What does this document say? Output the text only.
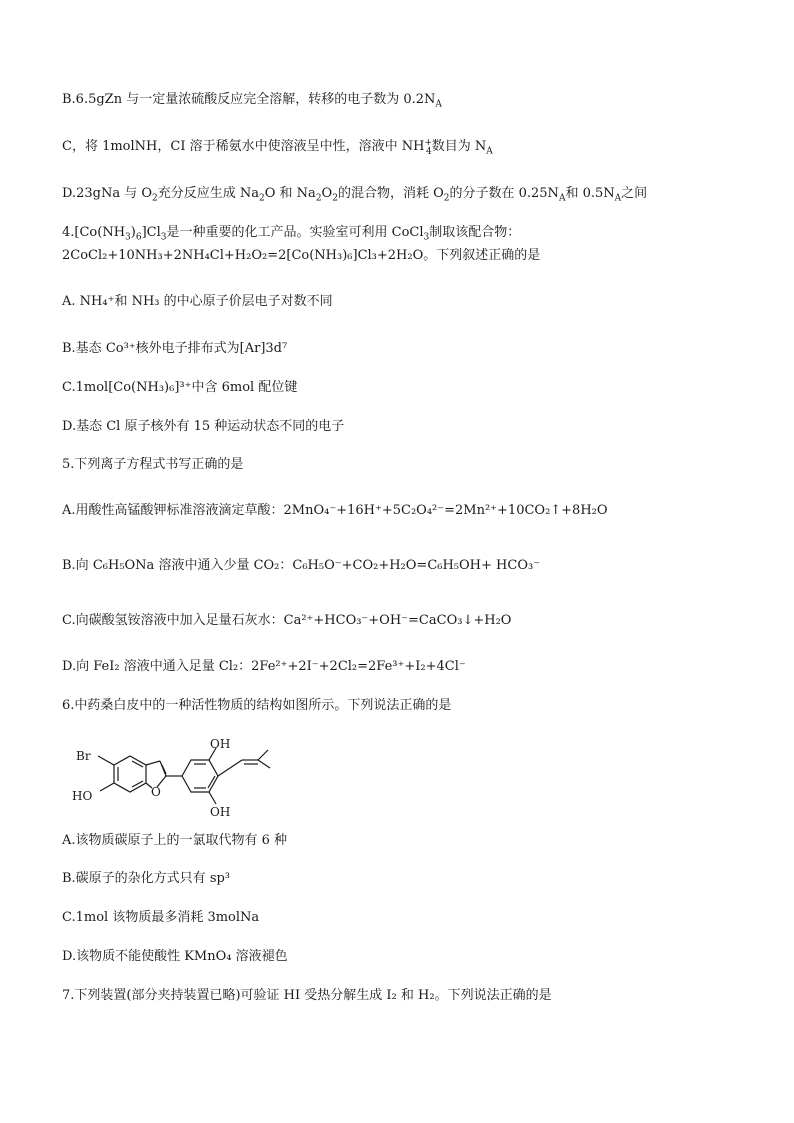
B.6.5gZn 与一定量浓硫酸反应完全溶解，转移的电子数为 $0.2N_A$
C，将 1molNH，CI 溶于稀氨水中使溶液呈中性，溶液中 $NH^+_4$数目为 $N_A$
D.23gNa 与 $O_2$充分反应生成 $Na_2O$ 和 $Na_2O_2$的混合物，消耗 $O_2$的分子数在 $0.25N_A$和 $0.5N_A$之间
$4.[Co(NH_3)_6]Cl_3$是一种重要的化工产品。实验室可利用 CoCl$_3$制取该配合物：
2CoCl₂+10NH₃+2NH₄Cl+H₂O₂=2[Co(NH₃)₆]Cl₃+2H₂O。下列叙述正确的是
A. NH₄⁺和 NH₃ 的中心原子价层电子对数不同
B.基态 Co³⁺核外电子排布式为[Ar]3d⁷
C.1mol[Co(NH₃)₆]³⁺中含 6mol 配位键
D.基态 Cl 原子核外有 15 种运动状态不同的电子
5.下列离子方程式书写正确的是
A.用酸性高锰酸钾标准溶液滴定草酸：2MnO₄⁻+16H⁺+5C₂O₄²⁻=2Mn²⁺+10CO₂↑+8H₂O
B.向 C₆H₅ONa 溶液中通入少量 CO₂：C₆H₅O⁻+CO₂+H₂O=C₆H₅OH+ HCO₃⁻
C.向碳酸氢铵溶液中加入足量石灰水：Ca²⁺+HCO₃⁻+OH⁻=CaCO₃↓+H₂O
D.向 FeI₂ 溶液中通入足量 Cl₂：2Fe²⁺+2I⁻+2Cl₂=2Fe³⁺+I₂+4Cl⁻
6.中药桑白皮中的一种活性物质的结构如图所示。下列说法正确的是
Br
HO	O
OH
OH
A.该物质碳原子上的一氯取代物有 6 种
B.碳原子的杂化方式只有 sp³
C.1mol 该物质最多消耗 3molNa
D.该物质不能使酸性 KMnO₄ 溶液褪色
7.下列装置(部分夹持装置已略)可验证 HI 受热分解生成 I₂ 和 H₂。下列说法正确的是
